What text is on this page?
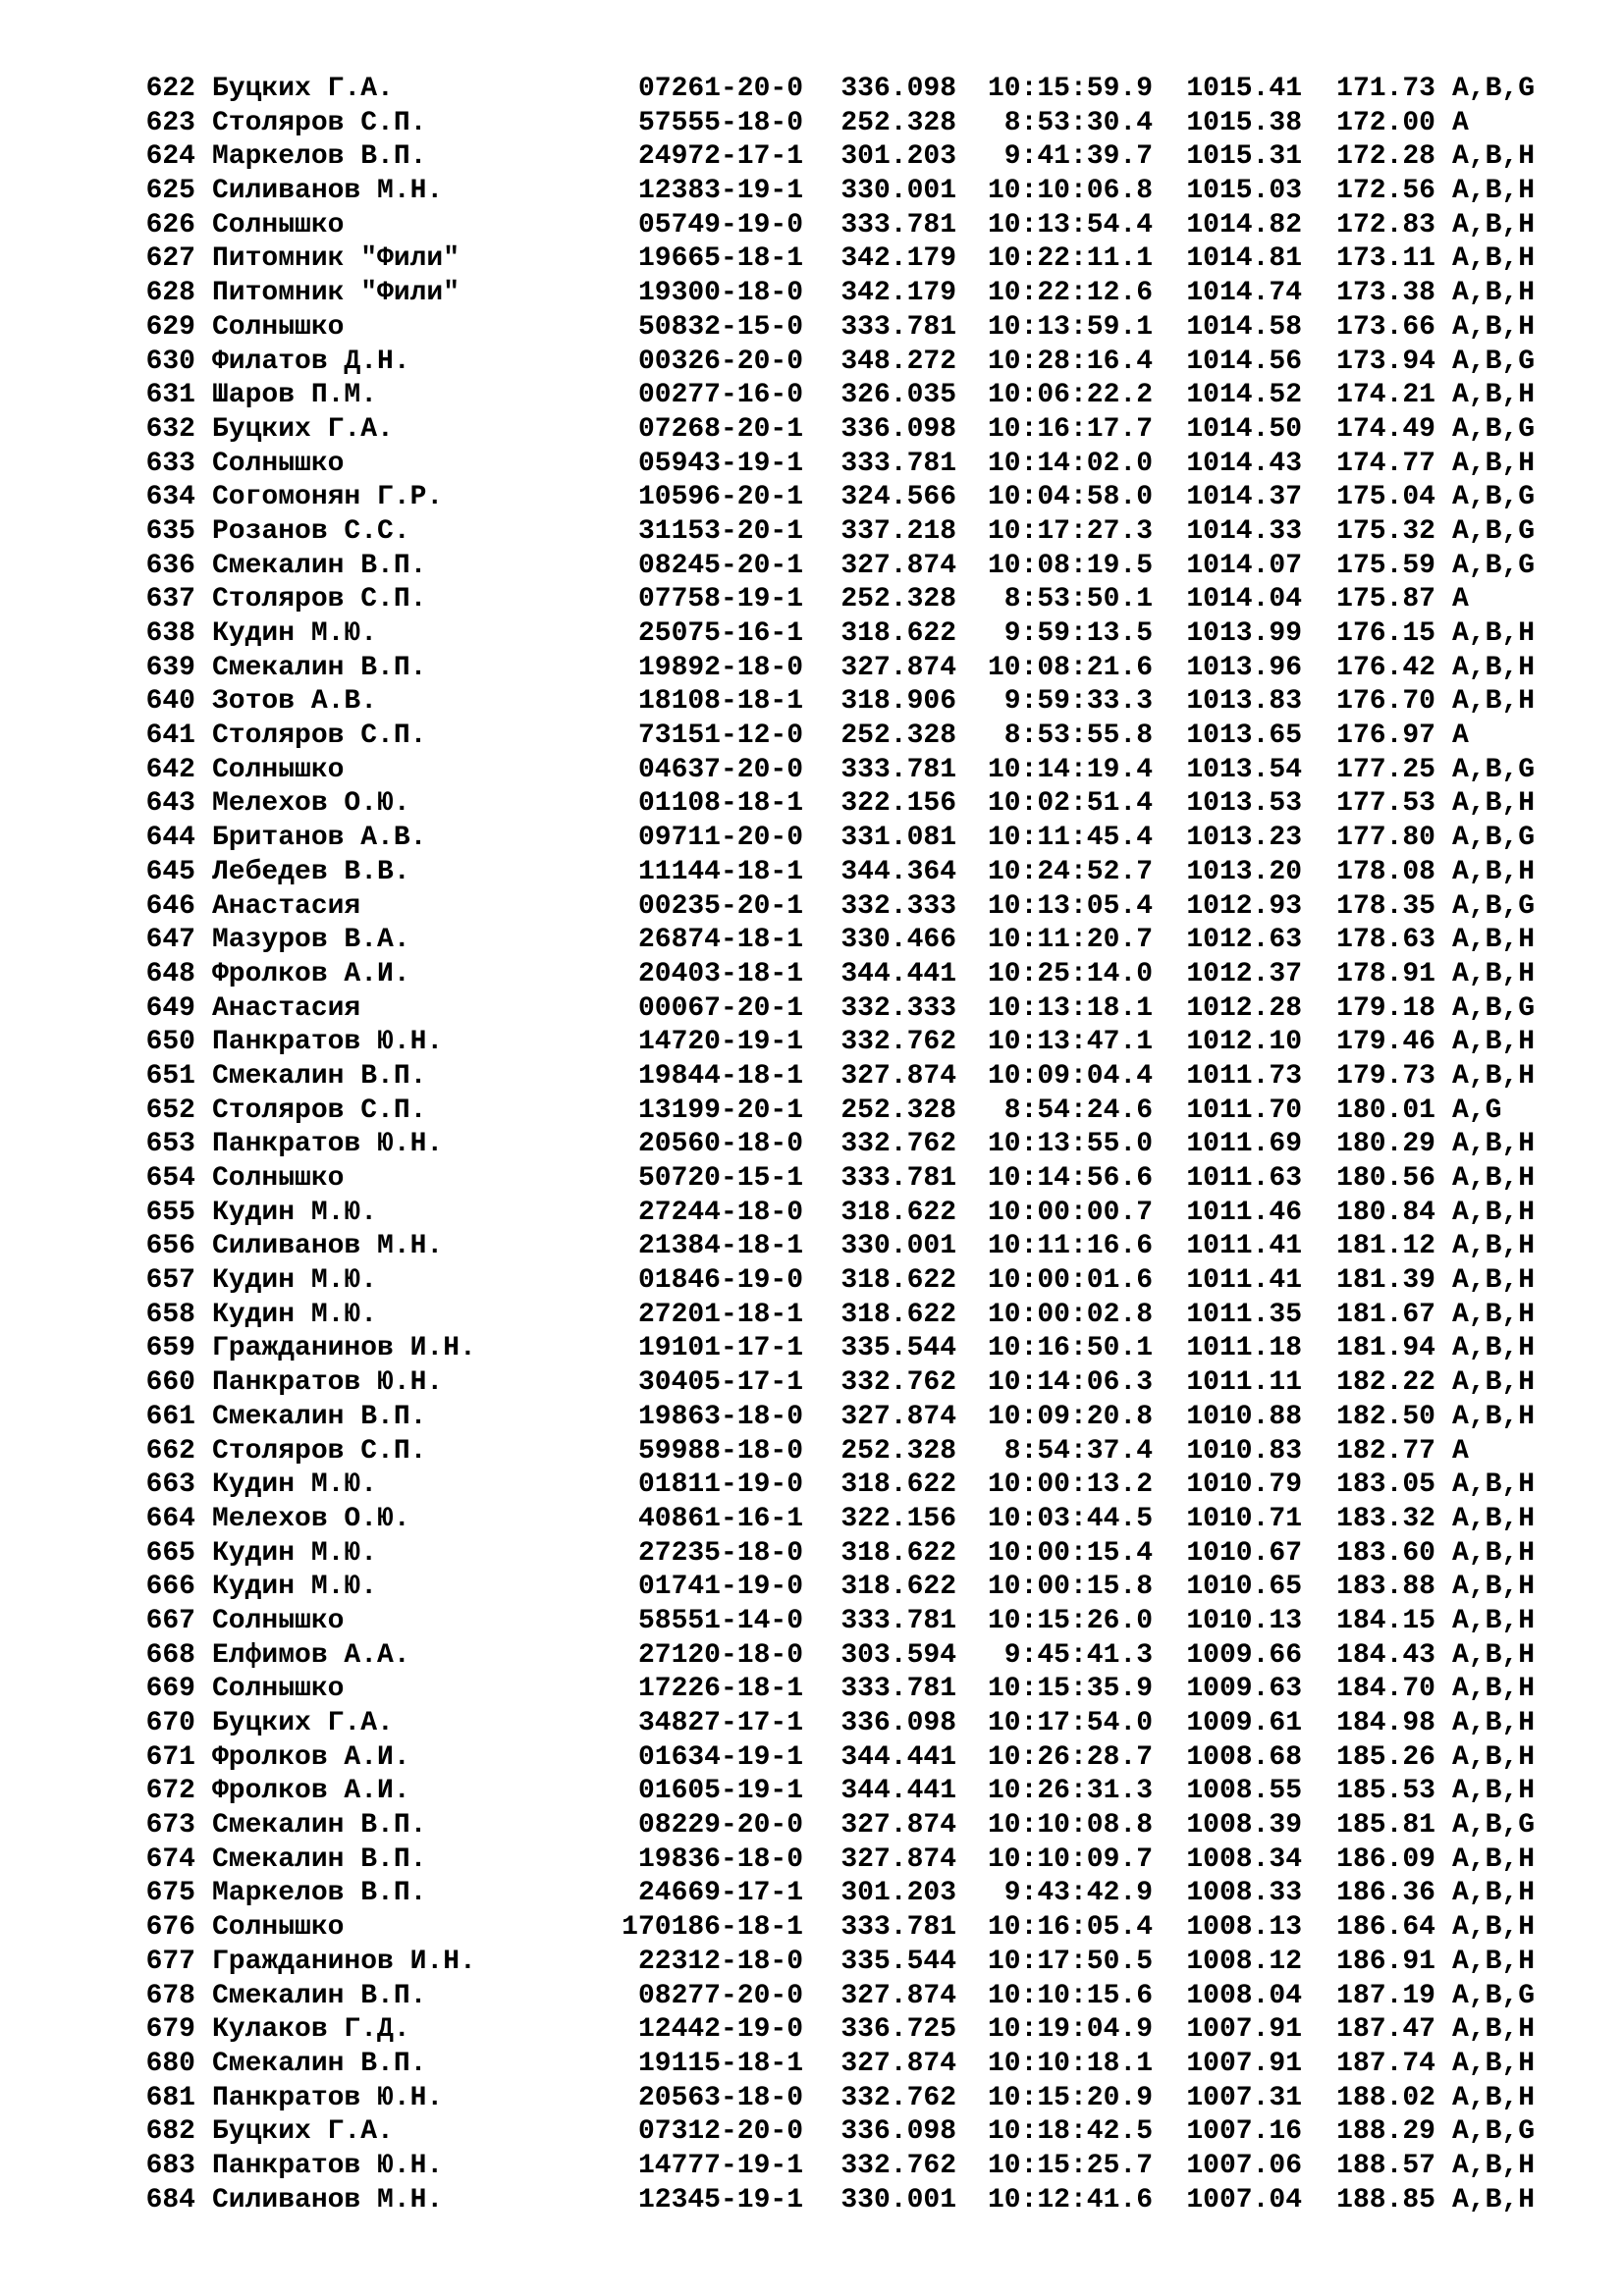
622 Буцких Г.А.	07261-20-0 336.098 10:15:59.9 1015.41 171.73 A,B,G
623 Столяров С.П.	57555-18-0 252.328 8:53:30.4 1015.38 172.00 A
624 Маркелов В.П.	24972-17-1 301.203 9:41:39.7 1015.31 172.28 A,B,H
625 Силиванов М.Н.	12383-19-1 330.001 10:10:06.8 1015.03 172.56 A,B,H
626 Солнышко	05749-19-0 333.781 10:13:54.4 1014.82 172.83 A,B,H
627 Питомник "Фили"	19665-18-1 342.179 10:22:11.1 1014.81 173.11 A,B,H
628 Питомник "Фили"	19300-18-0 342.179 10:22:12.6 1014.74 173.38 A,B,H
629 Солнышко	50832-15-0 333.781 10:13:59.1 1014.58 173.66 A,B,H
630 Филатов Д.Н.	00326-20-0 348.272 10:28:16.4 1014.56 173.94 A,B,G
631 Шаров П.М.	00277-16-0 326.035 10:06:22.2 1014.52 174.21 A,B,H
632 Буцких Г.А.	07268-20-1 336.098 10:16:17.7 1014.50 174.49 A,B,G
633 Солнышко	05943-19-1 333.781 10:14:02.0 1014.43 174.77 A,B,H
634 Согомонян Г.Р.	10596-20-1 324.566 10:04:58.0 1014.37 175.04 A,B,G
635 Розанов С.С.	31153-20-1 337.218 10:17:27.3 1014.33 175.32 A,B,G
636 Смекалин В.П.	08245-20-1 327.874 10:08:19.5 1014.07 175.59 A,B,G
637 Столяров С.П.	07758-19-1 252.328 8:53:50.1 1014.04 175.87 A
638 Кудин М.Ю.	25075-16-1 318.622 9:59:13.5 1013.99 176.15 A,B,H
639 Смекалин В.П.	19892-18-0 327.874 10:08:21.6 1013.96 176.42 A,B,H
640 Зотов А.В.	18108-18-1 318.906 9:59:33.3 1013.83 176.70 A,B,H
641 Столяров С.П.	73151-12-0 252.328 8:53:55.8 1013.65 176.97 A
642 Солнышко	04637-20-0 333.781 10:14:19.4 1013.54 177.25 A,B,G
643 Мелехов О.Ю.	01108-18-1 322.156 10:02:51.4 1013.53 177.53 A,B,H
644 Британов А.В.	09711-20-0 331.081 10:11:45.4 1013.23 177.80 A,B,G
645 Лебедев В.В.	11144-18-1 344.364 10:24:52.7 1013.20 178.08 A,B,H
646 Анастасия	00235-20-1 332.333 10:13:05.4 1012.93 178.35 A,B,G
647 Мазуров В.А.	26874-18-1 330.466 10:11:20.7 1012.63 178.63 A,B,H
648 Фролков А.И.	20403-18-1 344.441 10:25:14.0 1012.37 178.91 A,B,H
649 Анастасия	00067-20-1 332.333 10:13:18.1 1012.28 179.18 A,B,G
650 Панкратов Ю.Н.	14720-19-1 332.762 10:13:47.1 1012.10 179.46 A,B,H
651 Смекалин В.П.	19844-18-1 327.874 10:09:04.4 1011.73 179.73 A,B,H
652 Столяров С.П.	13199-20-1 252.328 8:54:24.6 1011.70 180.01 A,G
653 Панкратов Ю.Н.	20560-18-0 332.762 10:13:55.0 1011.69 180.29 A,B,H
654 Солнышко	50720-15-1 333.781 10:14:56.6 1011.63 180.56 A,B,H
655 Кудин М.Ю.	27244-18-0 318.622 10:00:00.7 1011.46 180.84 A,B,H
656 Силиванов М.Н.	21384-18-1 330.001 10:11:16.6 1011.41 181.12 A,B,H
657 Кудин М.Ю.	01846-19-0 318.622 10:00:01.6 1011.41 181.39 A,B,H
658 Кудин М.Ю.	27201-18-1 318.622 10:00:02.8 1011.35 181.67 A,B,H
659 Гражданинов И.Н.	19101-17-1 335.544 10:16:50.1 1011.18 181.94 A,B,H
660 Панкратов Ю.Н.	30405-17-1 332.762 10:14:06.3 1011.11 182.22 A,B,H
661 Смекалин В.П.	19863-18-0 327.874 10:09:20.8 1010.88 182.50 A,B,H
662 Столяров С.П.	59988-18-0 252.328 8:54:37.4 1010.83 182.77 A
663 Кудин М.Ю.	01811-19-0 318.622 10:00:13.2 1010.79 183.05 A,B,H
664 Мелехов О.Ю.	40861-16-1 322.156 10:03:44.5 1010.71 183.32 A,B,H
665 Кудин М.Ю.	27235-18-0 318.622 10:00:15.4 1010.67 183.60 A,B,H
666 Кудин М.Ю.	01741-19-0 318.622 10:00:15.8 1010.65 183.88 A,B,H
667 Солнышко	58551-14-0 333.781 10:15:26.0 1010.13 184.15 A,B,H
668 Елфимов А.А.	27120-18-0 303.594 9:45:41.3 1009.66 184.43 A,B,H
669 Солнышко	17226-18-1 333.781 10:15:35.9 1009.63 184.70 A,B,H
670 Буцких Г.А.	34827-17-1 336.098 10:17:54.0 1009.61 184.98 A,B,H
671 Фролков А.И.	01634-19-1 344.441 10:26:28.7 1008.68 185.26 A,B,H
672 Фролков А.И.	01605-19-1 344.441 10:26:31.3 1008.55 185.53 A,B,H
673 Смекалин В.П.	08229-20-0 327.874 10:10:08.8 1008.39 185.81 A,B,G
674 Смекалин В.П.	19836-18-0 327.874 10:10:09.7 1008.34 186.09 A,B,H
675 Маркелов В.П.	24669-17-1 301.203 9:43:42.9 1008.33 186.36 A,B,H
676 Солнышко	170186-18-1 333.781 10:16:05.4 1008.13 186.64 A,B,H
677 Гражданинов И.Н.	22312-18-0 335.544 10:17:50.5 1008.12 186.91 A,B,H
678 Смекалин В.П.	08277-20-0 327.874 10:10:15.6 1008.04 187.19 A,B,G
679 Кулаков Г.Д.	12442-19-0 336.725 10:19:04.9 1007.91 187.47 A,B,H
680 Смекалин В.П.	19115-18-1 327.874 10:10:18.1 1007.91 187.74 A,B,H
681 Панкратов Ю.Н.	20563-18-0 332.762 10:15:20.9 1007.31 188.02 A,B,H
682 Буцких Г.А.	07312-20-0 336.098 10:18:42.5 1007.16 188.29 A,B,G
683 Панкратов Ю.Н.	14777-19-1 332.762 10:15:25.7 1007.06 188.57 A,B,H
684 Силиванов М.Н.	12345-19-1 330.001 10:12:41.6 1007.04 188.85 A,B,H
